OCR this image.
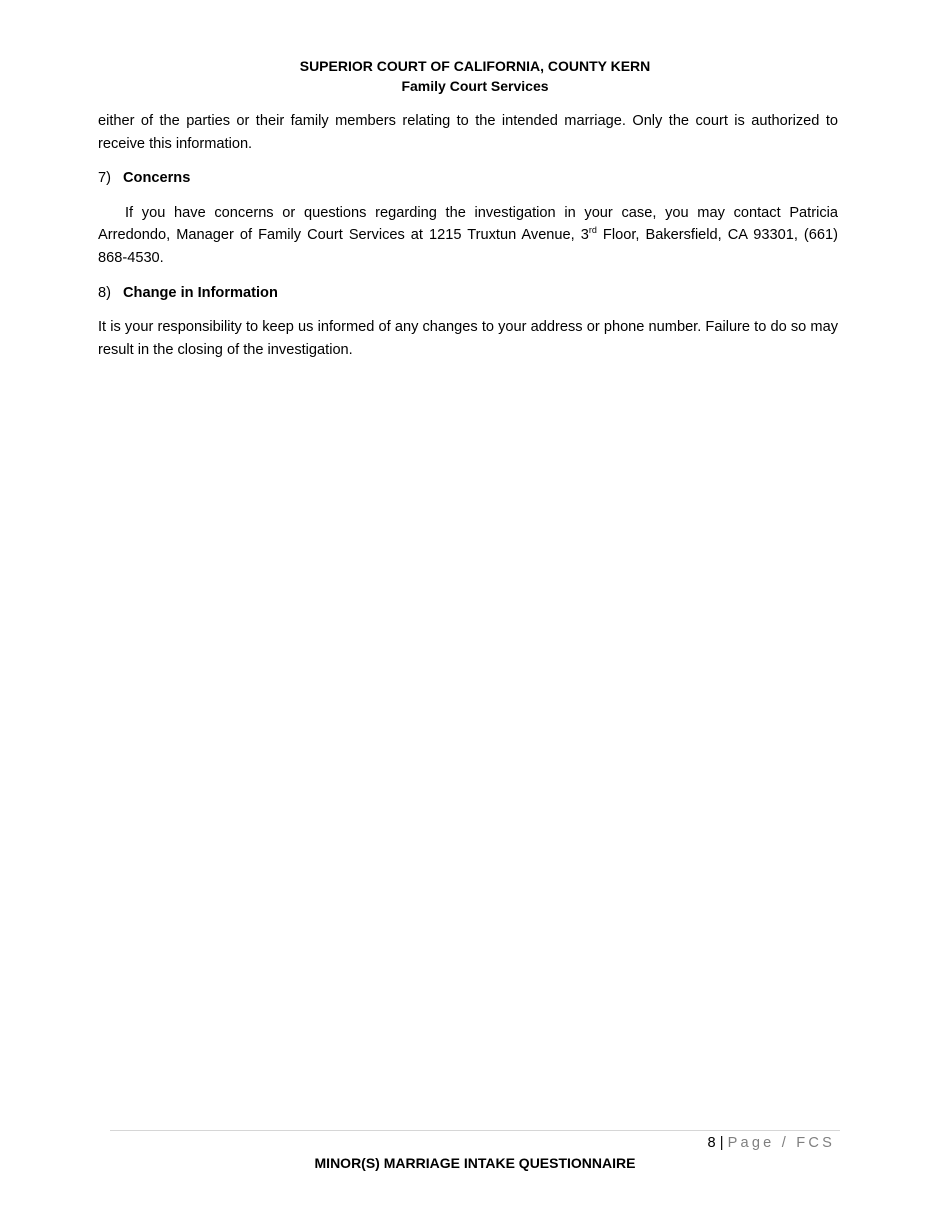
SUPERIOR COURT OF CALIFORNIA, COUNTY KERN
Family Court Services

either of the parties or their family members relating to the intended marriage. Only the court is authorized to receive this information.

7) Concerns

If you have concerns or questions regarding the investigation in your case, you may contact Patricia Arredondo, Manager of Family Court Services at 1215 Truxtun Avenue, 3rd Floor, Bakersfield, CA 93301, (661) 868-4530.

8) Change in Information

It is your responsibility to keep us informed of any changes to your address or phone number. Failure to do so may result in the closing of the investigation.

8 | Page / FCS
MINOR(S) MARRIAGE INTAKE QUESTIONNAIRE
